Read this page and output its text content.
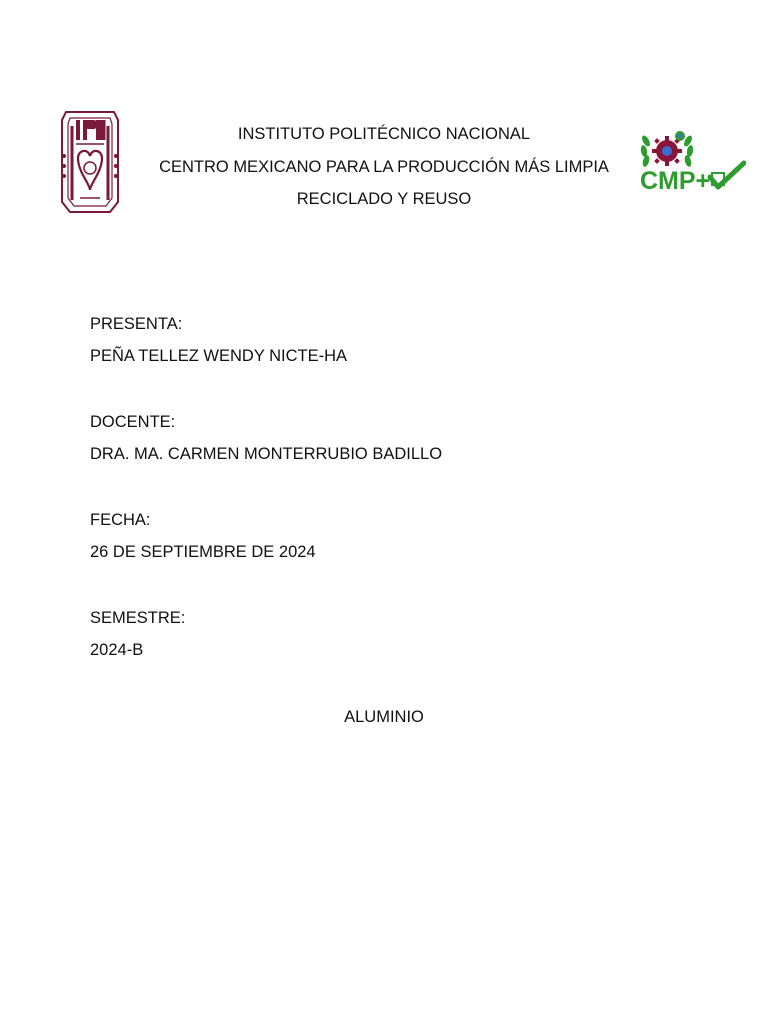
INSTITUTO POLITÉCNICO NACIONAL
CENTRO MEXICANO PARA LA PRODUCCIÓN MÁS LIMPIA
RECICLADO Y REUSO
CMP+
PRESENTA:
PEÑA TELLEZ WENDY NICTE-HA
DOCENTE:
DRA. MA. CARMEN MONTERRUBIO BADILLO
FECHA:
26 DE SEPTIEMBRE DE 2024
SEMESTRE:
2024-B
ALUMINIO
